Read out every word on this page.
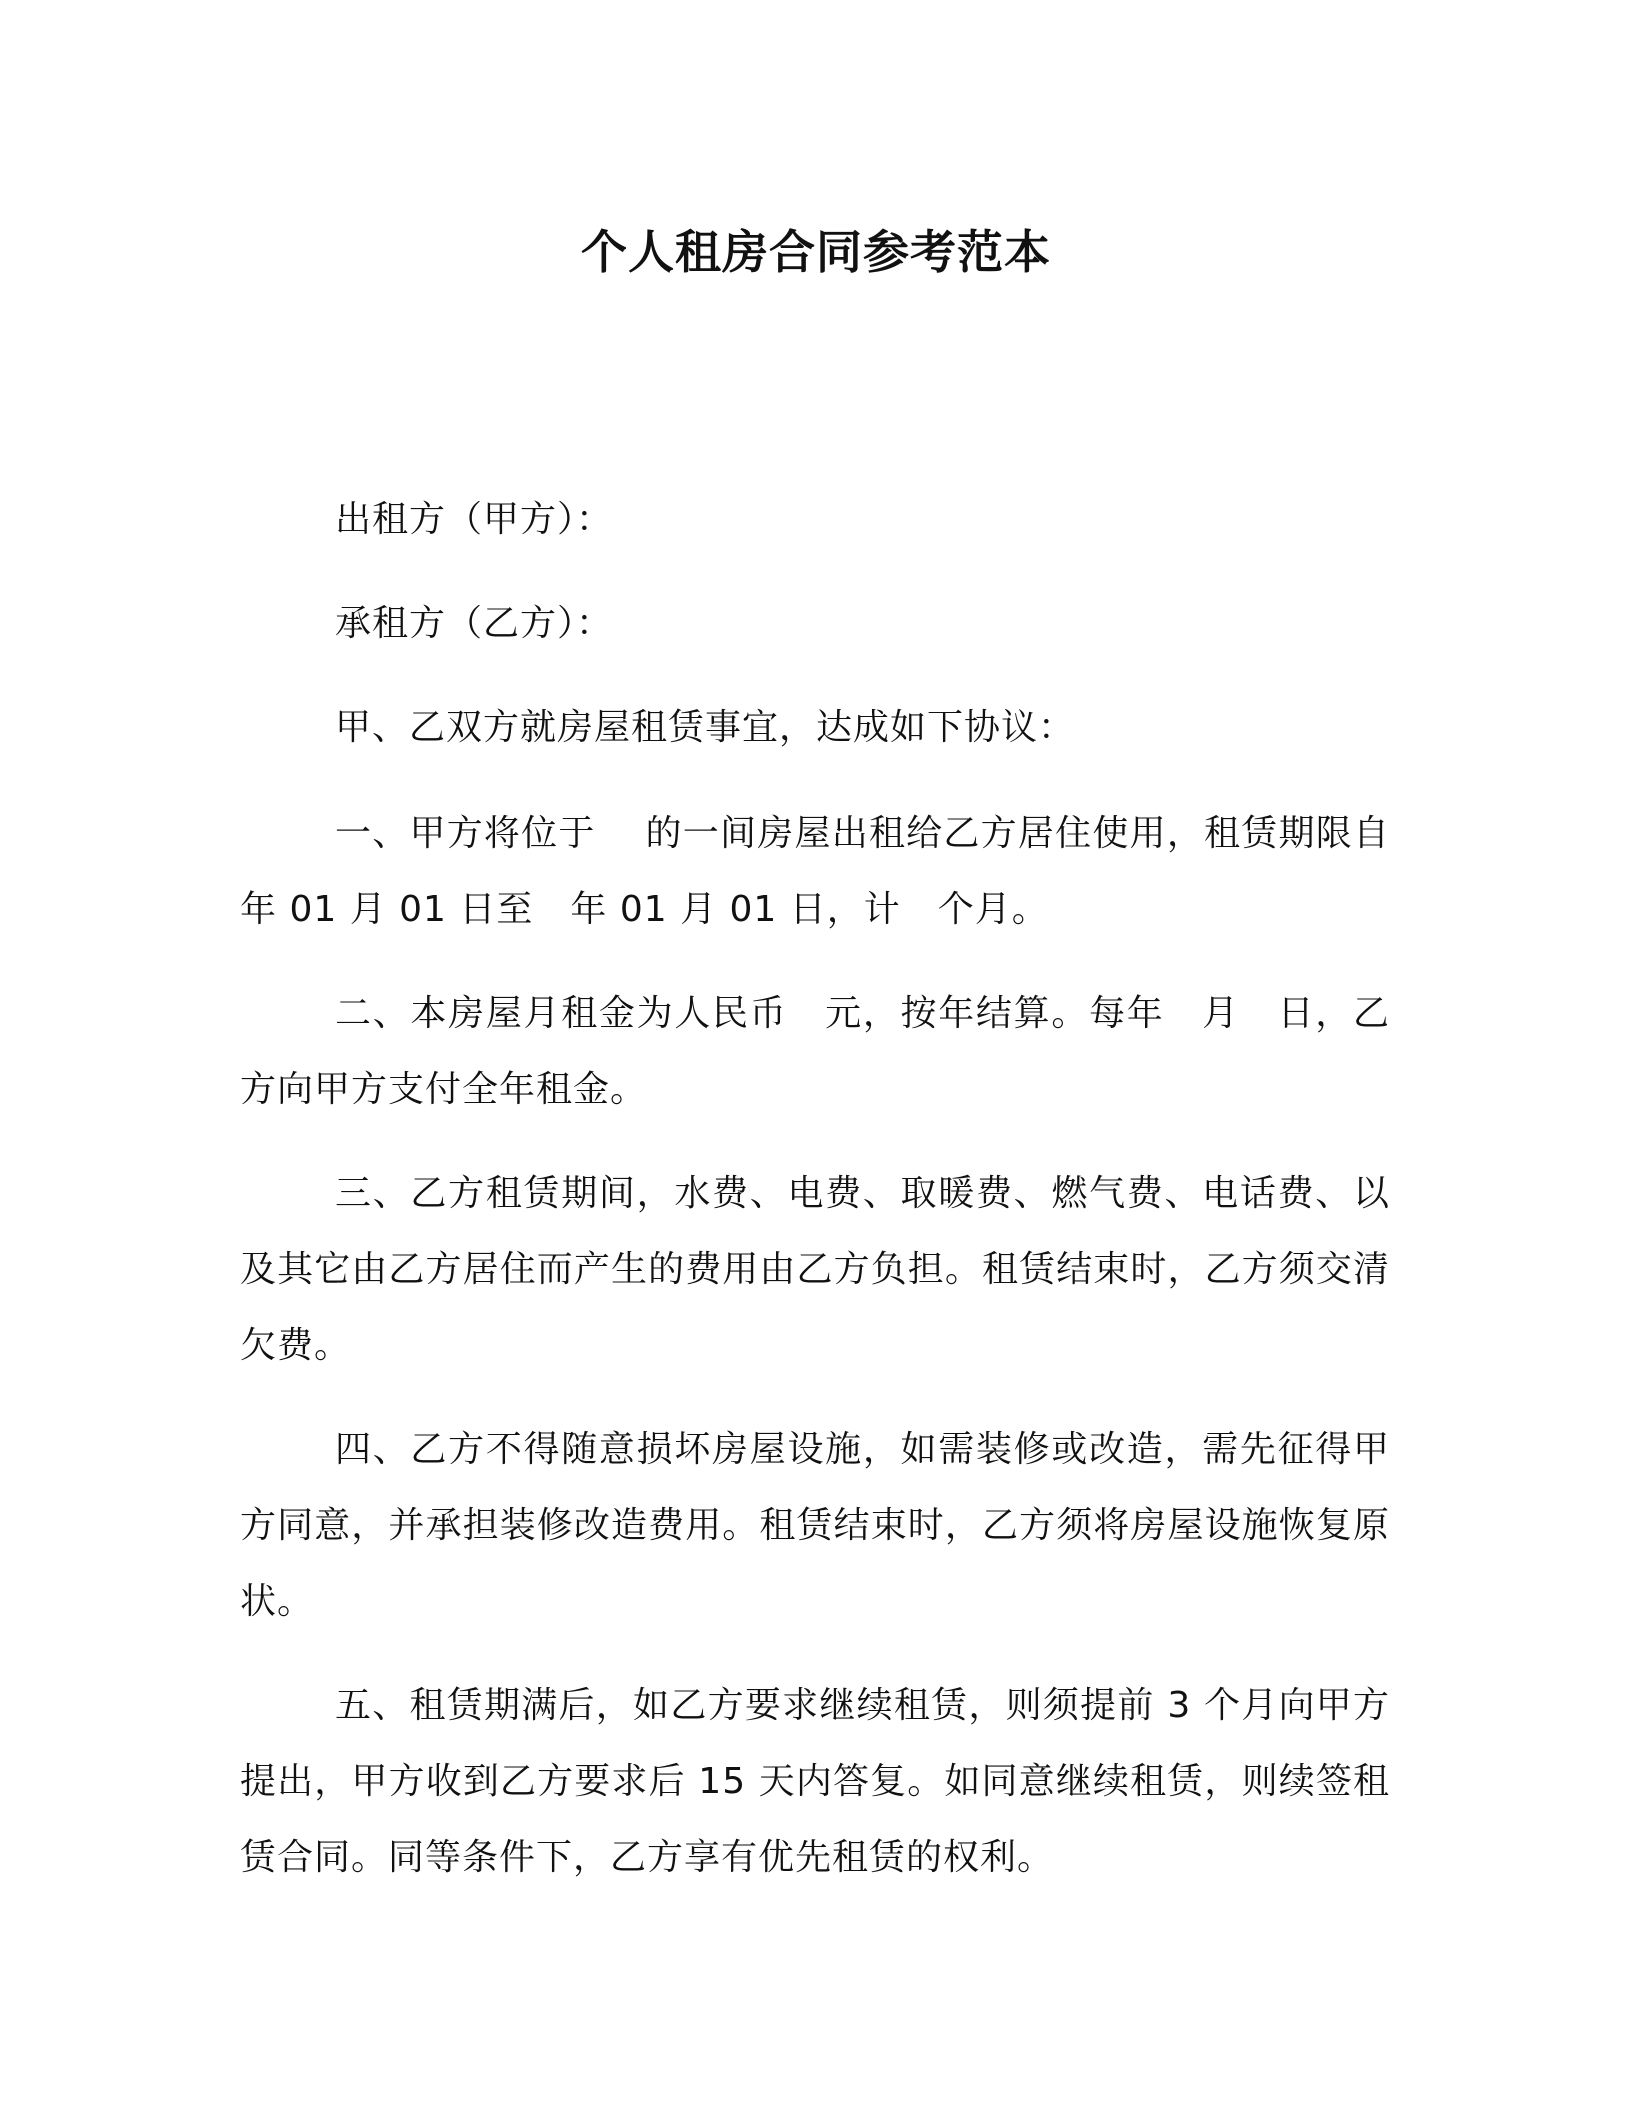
个人租房合同参考范本
出租方（甲方）：
承租方（乙方）：
甲、乙双方就房屋租赁事宜，达成如下协议：
一、甲方将位于　 的一间房屋出租给乙方居住使用，租赁期限自　年 01 月 01 日至　年 01 月 01 日，计　个月。
二、本房屋月租金为人民币　元，按年结算。每年　月　日，乙方向甲方支付全年租金。
三、乙方租赁期间，水费、电费、取暖费、燃气费、电话费、以及其它由乙方居住而产生的费用由乙方负担。租赁结束时，乙方须交清欠费。
四、乙方不得随意损坏房屋设施，如需装修或改造，需先征得甲方同意，并承担装修改造费用。租赁结束时，乙方须将房屋设施恢复原状。
五、租赁期满后，如乙方要求继续租赁，则须提前 3 个月向甲方提出，甲方收到乙方要求后 15 天内答复。如同意继续租赁，则续签租赁合同。同等条件下，乙方享有优先租赁的权利。
